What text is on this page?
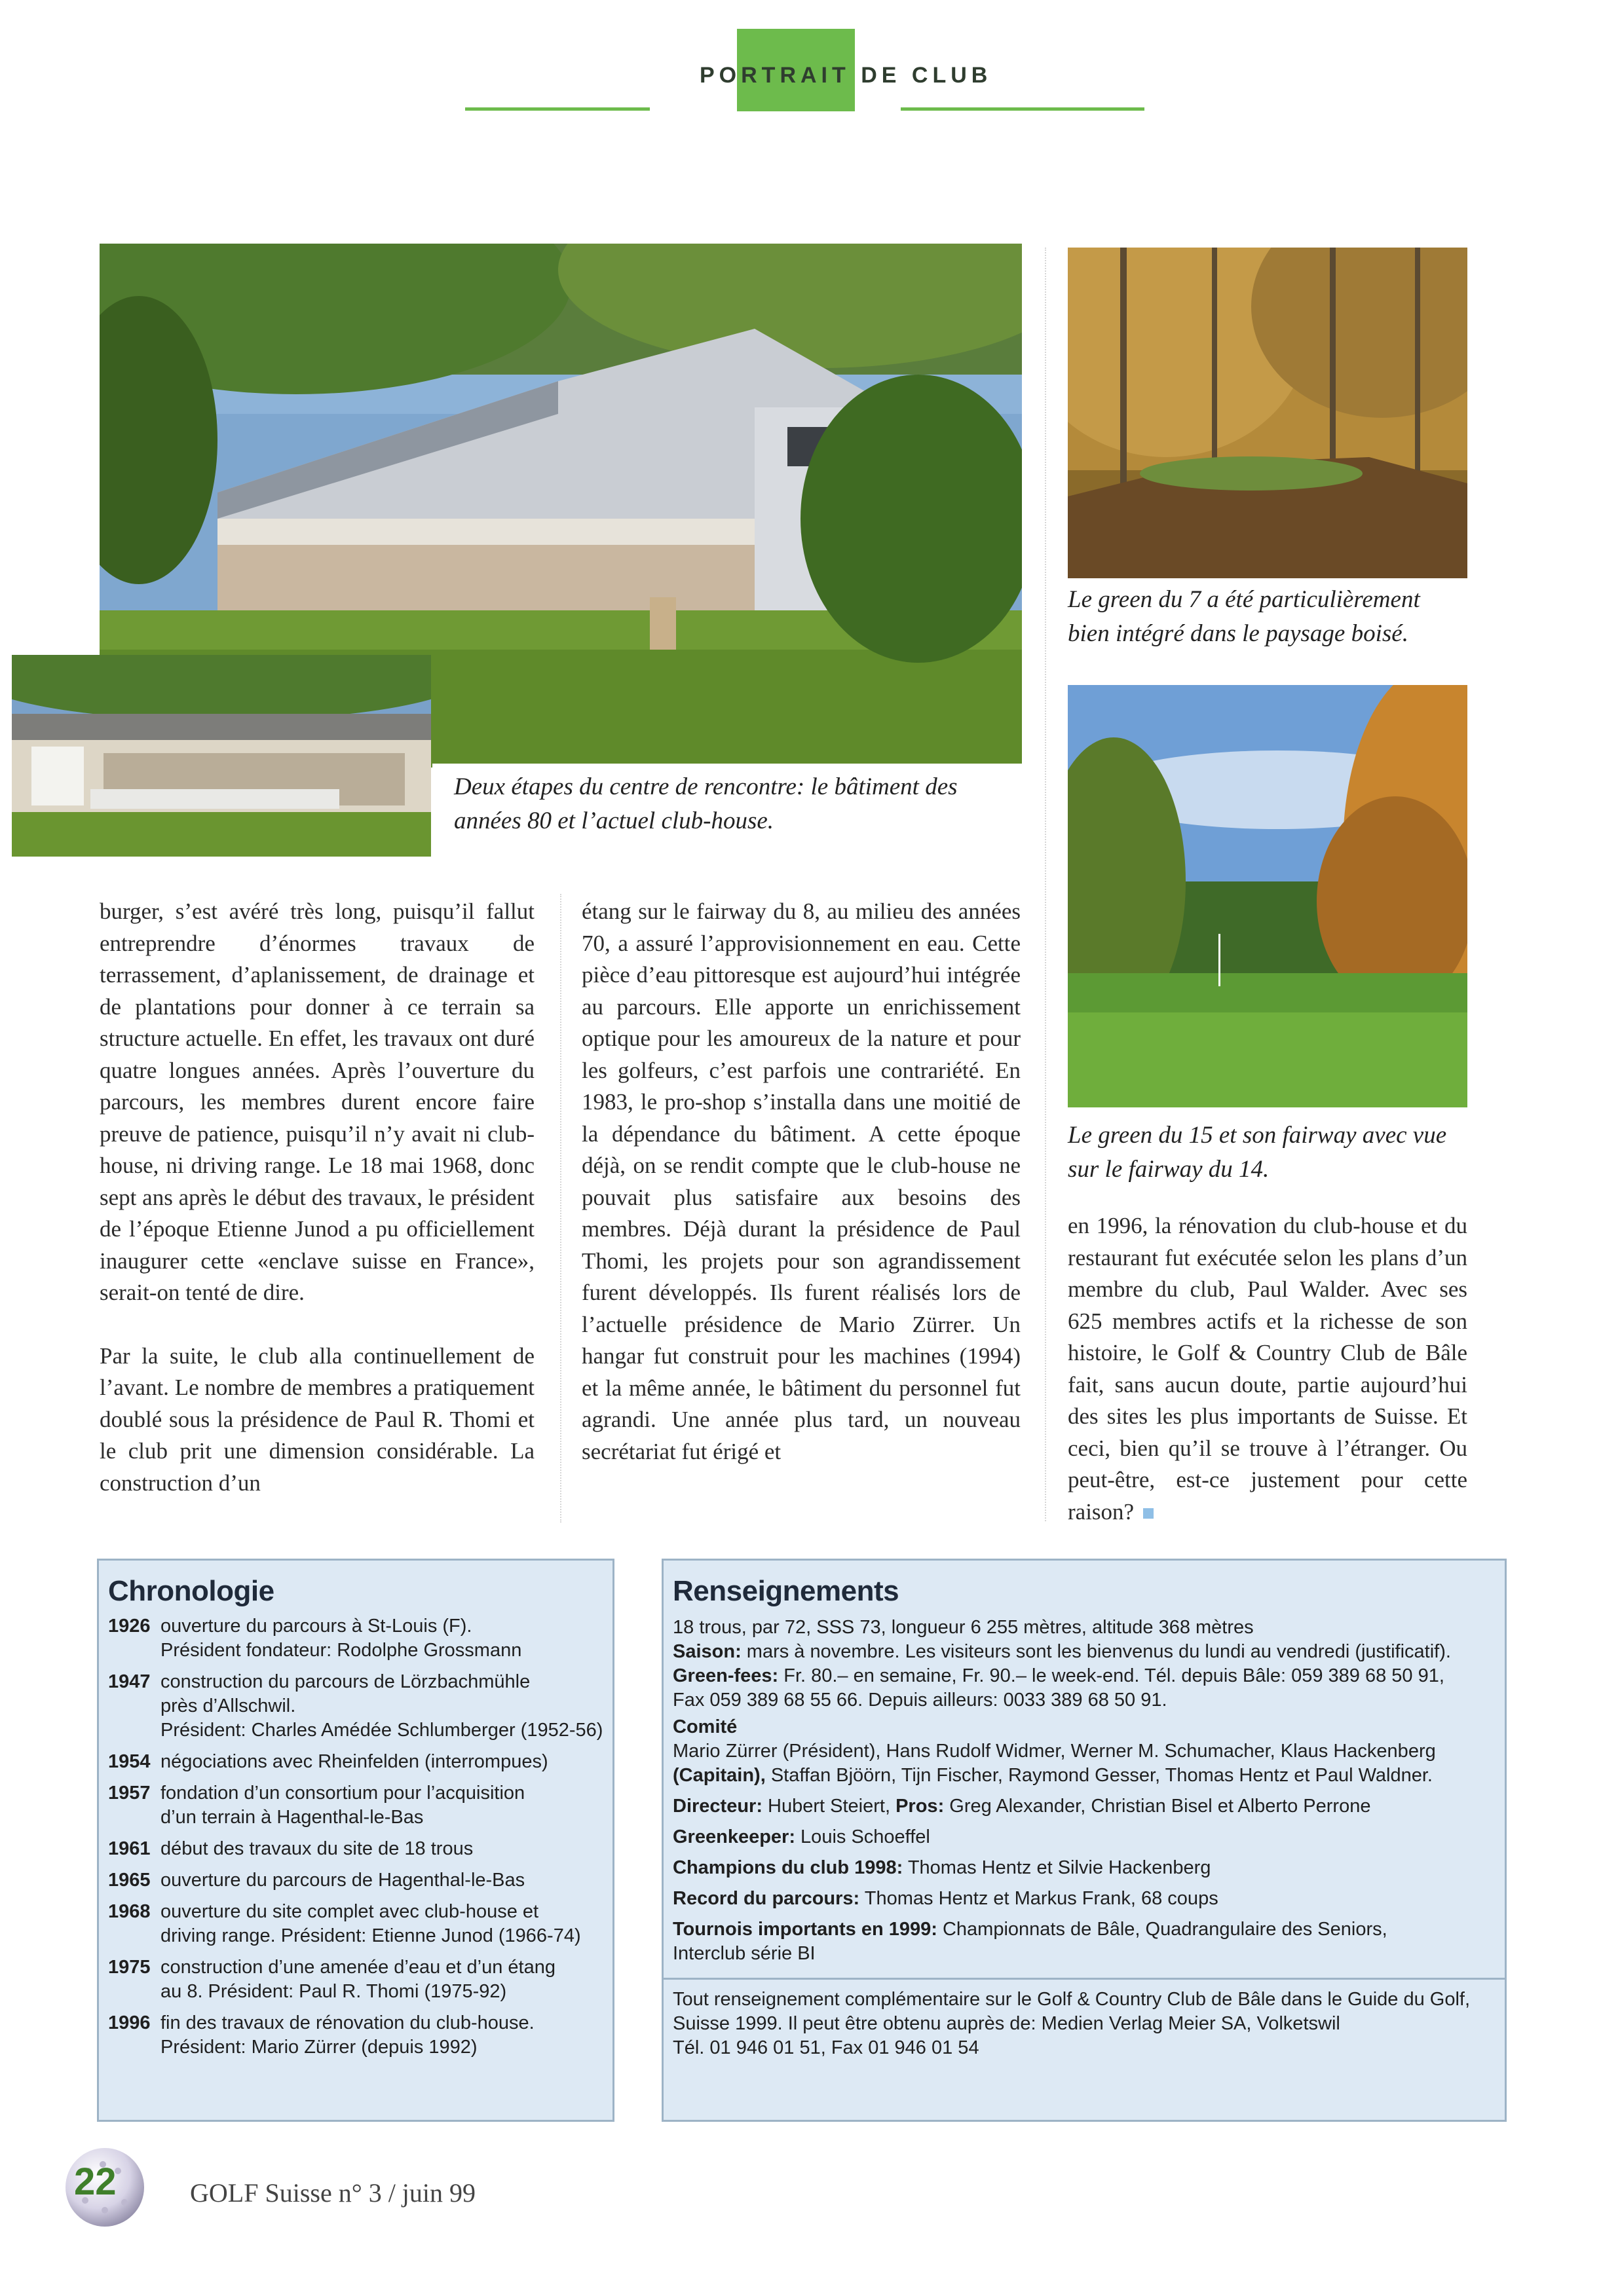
PORTRAIT DE CLUB
Deux étapes du centre de rencontre: le bâtiment des années 80 et l’actuel club-house.
Le green du 7 a été particulièrement bien intégré dans le paysage boisé.
Le green du 15 et son fairway avec vue sur le fairway du 14.

burger, s’est avéré très long, puisqu’il fallut entreprendre d’énormes travaux de terrassement, d’aplanissement, de drainage et de plantations pour donner à ce terrain sa structure actuelle. En effet, les travaux ont duré quatre longues années. Après l’ouverture du parcours, les membres durent encore faire preuve de patience, puisqu’il n’y avait ni club-house, ni driving range. Le 18 mai 1968, donc sept ans après le début des travaux, le président de l’époque Etienne Junod a pu officiellement inaugurer cette «enclave suisse en France», serait-on tenté de dire.

Par la suite, le club alla continuellement de l’avant. Le nombre de membres a pratiquement doublé sous la présidence de Paul R. Thomi et le club prit une dimension considérable. La construction d’un

étang sur le fairway du 8, au milieu des années 70, a assuré l’approvisionnement en eau. Cette pièce d’eau pittoresque est aujourd’hui intégrée au parcours. Elle apporte un enrichissement optique pour les amoureux de la nature et pour les golfeurs, c’est parfois une contrariété. En 1983, le pro-shop s’installa dans une moitié de la dépendance du bâtiment. A cette époque déjà, on se rendit compte que le club-house ne pouvait plus satisfaire aux besoins des membres. Déjà durant la présidence de Paul Thomi, les projets pour son agrandissement furent développés. Ils furent réalisés lors de l’actuelle présidence de Mario Zürrer. Un hangar fut construit pour les machines (1994) et la même année, le bâtiment du personnel fut agrandi. Une année plus tard, un nouveau secrétariat fut érigé et

en 1996, la rénovation du club-house et du restaurant fut exécutée selon les plans d’un membre du club, Paul Walder. Avec ses 625 membres actifs et la richesse de son histoire, le Golf & Country Club de Bâle fait, sans aucun doute, partie aujourd’hui des sites les plus importants de Suisse. Et ceci, bien qu’il se trouve à l’étranger. Ou peut-être, est-ce justement pour cette raison?

Chronologie
1926 ouverture du parcours à St-Louis (F).
Président fondateur: Rodolphe Grossmann
1947 construction du parcours de Lörzbachmühle
près d’Allschwil.
Président: Charles Amédée Schlumberger (1952-56)
1954 négociations avec Rheinfelden (interrompues)
1957 fondation d’un consortium pour l’acquisition
d’un terrain à Hagenthal-le-Bas
1961 début des travaux du site de 18 trous
1965 ouverture du parcours de Hagenthal-le-Bas
1968 ouverture du site complet avec club-house et
driving range. Président: Etienne Junod (1966-74)
1975 construction d’une amenée d’eau et d’un étang
au 8. Président: Paul R. Thomi (1975-92)
1996 fin des travaux de rénovation du club-house.
Président: Mario Zürrer (depuis 1992)
Renseignements
18 trous, par 72, SSS 73, longueur 6 255 mètres, altitude 368 mètres
Saison: mars à novembre. Les visiteurs sont les bienvenus du lundi au vendredi (justificatif).
Green-fees: Fr. 80.– en semaine, Fr. 90.– le week-end. Tél. depuis Bâle: 059 389 68 50 91,
Fax 059 389 68 55 66. Depuis ailleurs: 0033 389 68 50 91.
Comité
Mario Zürrer (Président), Hans Rudolf Widmer, Werner M. Schumacher, Klaus Hackenberg
(Capitain), Staffan Bjöörn, Tijn Fischer, Raymond Gesser, Thomas Hentz et Paul Waldner.
Directeur: Hubert Steiert, Pros: Greg Alexander, Christian Bisel et Alberto Perrone
Greenkeeper: Louis Schoeffel
Champions du club 1998: Thomas Hentz et Silvie Hackenberg
Record du parcours: Thomas Hentz et Markus Frank, 68 coups
Tournois importants en 1999: Championnats de Bâle, Quadrangulaire des Seniors,
Interclub série BI
Tout renseignement complémentaire sur le Golf & Country Club de Bâle dans le Guide du Golf,
Suisse 1999. Il peut être obtenu auprès de: Medien Verlag Meier SA, Volketswil
Tél. 01 946 01 51, Fax 01 946 01 54
22	GOLF Suisse n° 3 / juin 99
